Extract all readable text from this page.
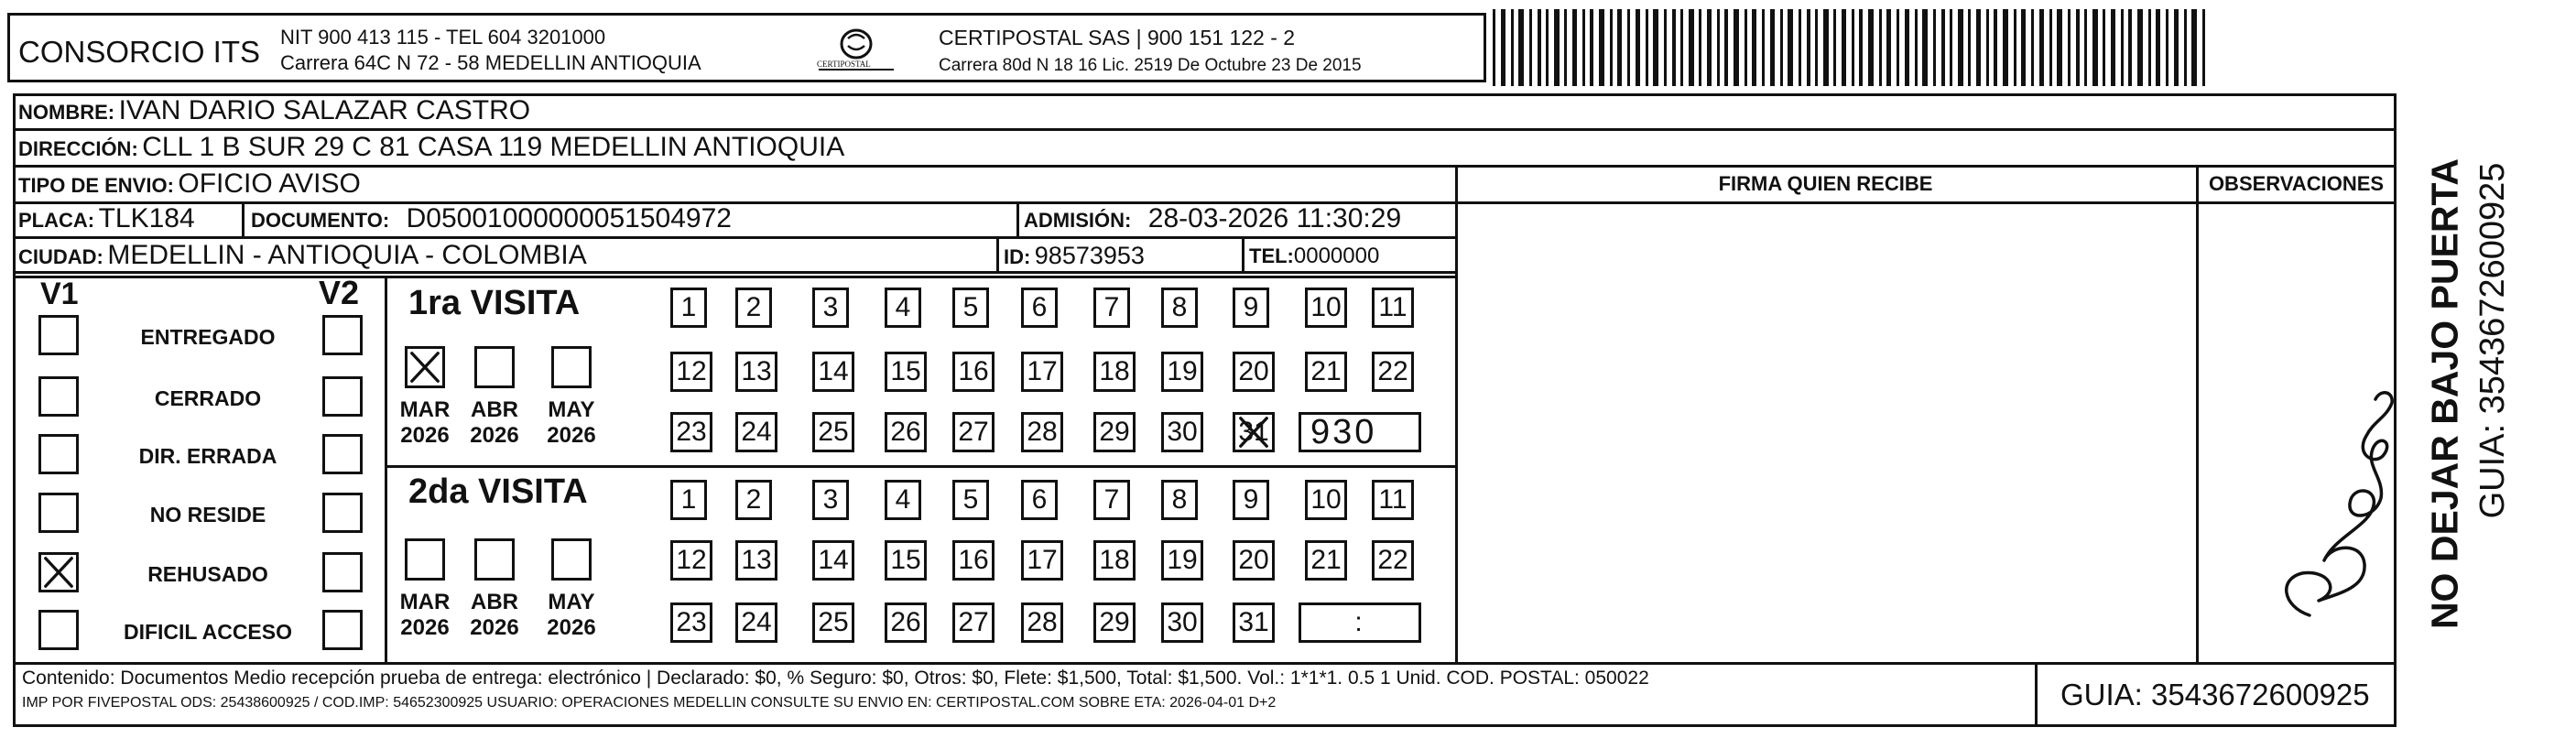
CONSORCIO ITS NIT 900 413 115 - TEL 604 3201000
Carrera 64C N 72 - 58 MEDELLIN ANTIOQUIA	CERTIPOSTAL
CERTIPOSTAL SAS | 900 151 122 - 2
Carrera 80d N 18 16 Lic. 2519 De Octubre 23 De 2015
NOMBRE: IVAN DARIO SALAZAR CASTRO
DIRECCIÓN: CLL 1 B SUR 29 C 81 CASA 119 MEDELLIN ANTIOQUIA
TIPO DE ENVIO: OFICIO AVISO	FIRMA QUIEN RECIBE	OBSERVACIONES
PLACA: TLK184	DOCUMENTO: D05001000000051504972	ADMISIÓN: 28-03-2026 11:30:29
CIUDAD: MEDELLIN - ANTIOQUIA - COLOMBIA	ID: 98573953	TEL:0000000
V1	V2
ENTREGADO
CERRADO
DIR. ERRADA
NO RESIDE
REHUSADO
DIFICIL ACCESO
1ra VISITA
MAR
2026
ABR
2026
MAY
2026
1	2	3	4	5	6	7	8	9	10 11
12 13 14 15 16 17 18 19 20 21 22
23 24 25 26 27 28 29 30 31	930
2da VISITA
MAR
2026
ABR
2026
MAY
2026
1	2	3	4	5	6	7	8	9	10 11
12 13 14 15 16 17 18 19 20 21 22
23 24 25 26 27 28 29 30 31	:	NO DEJAR BAJO PUERTA GUIA: 3543672600925
Contenido: Documentos Medio recepción prueba de entrega: electrónico | Declarado: $0, % Seguro: $0, Otros: $0, Flete: $1,500, Total: $1,500. Vol.: 1*1*1. 0.5 1 Unid. COD. POSTAL: 050022
IMP POR FIVEPOSTAL ODS: 25438600925 / COD.IMP: 54652300925 USUARIO: OPERACIONES MEDELLIN CONSULTE SU ENVIO EN: CERTIPOSTAL.COM SOBRE ETA: 2026-04-01 D+2	GUIA: 3543672600925
